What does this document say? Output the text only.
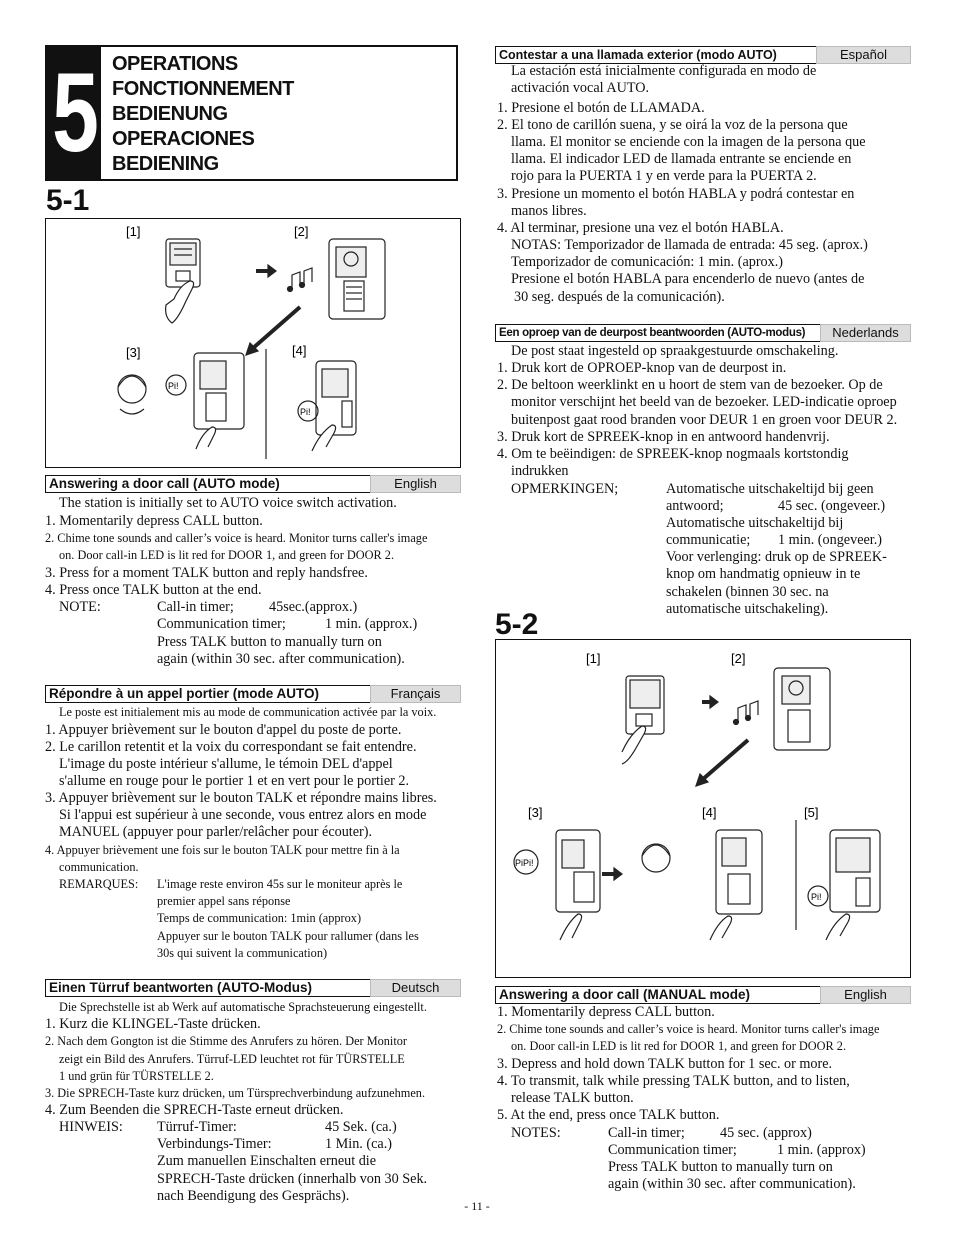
5 OPERATIONS
FONCTIONNEMENT
BEDIENUNG
OPERACIONES
BEDIENING
5-1
[1]	[2]
[3]	[4]
Pi!
Pi!
Answering a door call (AUTO mode)	English
The station is initially set to AUTO voice switch activation.
1. Momentarily depress CALL button.
2. Chime tone sounds and caller’s voice is heard. Monitor turns caller's image
on. Door call-in LED is lit red for DOOR 1, and green for DOOR 2.
3. Press for a moment TALK button and reply handsfree.
4. Press once TALK button at the end.
NOTE:	Call-in timer; 45sec.(approx.)
Communication timer;	1 min. (approx.)
Press TALK button to manually turn on
again (within 30 sec. after communication).
Répondre à un appel portier (mode AUTO)	Français
Le poste est initialement mis au mode de communication activée par la voix.
1. Appuyer brièvement sur le bouton d'appel du poste de porte.
2. Le carillon retentit et la voix du correspondant se fait entendre.
L'image du poste intérieur s'allume, le témoin DEL d'appel
s'allume en rouge pour le portier 1 et en vert pour le portier 2.
3. Appuyer brièvement sur le bouton TALK et répondre mains libres.
Si l'appui est supérieur à une seconde, vous entrez alors en mode
MANUEL (appuyer pour parler/relâcher pour écouter).
4. Appuyer brièvement une fois sur le bouton TALK pour mettre fin à la
communication.
REMARQUES: L'image reste environ 45s sur le moniteur après le
premier appel sans réponse
Temps de communication: 1min (approx)
Appuyer sur le bouton TALK pour rallumer (dans les
30s qui suivent la communication)
Einen Türruf beantworten (AUTO-Modus)	Deutsch
Die Sprechstelle ist ab Werk auf automatische Sprachsteuerung eingestellt.
1. Kurz die KLINGEL-Taste drücken.
2. Nach dem Gongton ist die Stimme des Anrufers zu hören. Der Monitor
zeigt ein Bild des Anrufers. Türruf-LED leuchtet rot für TÜRSTELLE
1 und grün für TÜRSTELLE 2.
3. Die SPRECH-Taste kurz drücken, um Türsprechverbindung aufzunehmen.
4. Zum Beenden die SPRECH-Taste erneut drücken.
HINWEIS: Türruf-Timer:	45 Sek. (ca.)
Verbindungs-Timer:	1 Min. (ca.)
Zum manuellen Einschalten erneut die
SPRECH-Taste drücken (innerhalb von 30 Sek.
nach Beendigung des Gesprächs).
Contestar a una llamada exterior (modo AUTO)	Español
La estación está inicialmente configurada en modo de
activación vocal AUTO.
1. Presione el botón de LLAMADA.
2. El tono de carillón suena, y se oirá la voz de la persona que
llama. El monitor se enciende con la imagen de la persona que
llama. El indicador LED de llamada entrante se enciende en
rojo para la PUERTA 1 y en verde para la PUERTA 2.
3. Presione un momento el botón HABLA y podrá contestar en
manos libres.
4. Al terminar, presione una vez el botón HABLA.
NOTAS: Temporizador de llamada de entrada: 45 seg. (aprox.)
Temporizador de comunicación: 1 min. (aprox.)
Presione el botón HABLA para encenderlo de nuevo (antes de
30 seg. después de la comunicación).
Een oproep van de deurpost beantwoorden (AUTO-modus)	Nederlands
De post staat ingesteld op spraakgestuurde omschakeling.
1. Druk kort de OPROEP-knop van de deurpost in.
2. De beltoon weerklinkt en u hoort de stem van de bezoeker. Op de
monitor verschijnt het beeld van de bezoeker. LED-indicatie oproep
buitenpost gaat rood branden voor DEUR 1 en groen voor DEUR 2.
3. Druk kort de SPREEK-knop in en antwoord handenvrij.
4. Om te beëindigen: de SPREEK-knop nogmaals kortstondig
indrukken
OPMERKINGEN;	Automatische uitschakeltijd bij geen
antwoord;	45 sec. (ongeveer.)
Automatische uitschakeltijd bij
communicatie; 1 min. (ongeveer.)
Voor verlenging: druk op de SPREEK-
knop om handmatig opnieuw in te
schakelen (binnen 30 sec. na
automatische uitschakeling).
5-2
[1]	[2]
[3]	[4]	[5]
PiPi!
Pi!
Answering a door call (MANUAL mode)	English
1. Momentarily depress CALL button.
2. Chime tone sounds and caller’s voice is heard. Monitor turns caller's image
on. Door call-in LED is lit red for DOOR 1, and green for DOOR 2.
3. Depress and hold down TALK button for 1 sec. or more.
4. To transmit, talk while pressing TALK button, and to listen,
release TALK button.
5. At the end, press once TALK button.
NOTES:	Call-in timer; 45 sec. (approx)
Communication timer;	1 min. (approx)
Press TALK button to manually turn on
again (within 30 sec. after communication).
- 11 -
